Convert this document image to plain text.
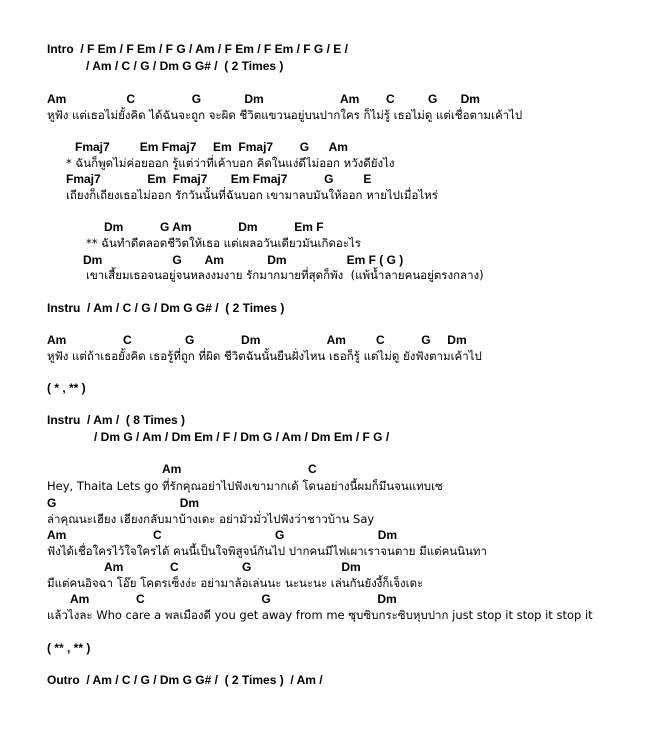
Intro  / F Em / F Em / F G / Am / F Em / F Em / F G / E /
/ Am / C / G / Dm G G# /  ( 2 Times )
Am                  C                 G             Dm                       Am        C          G       Dm
หูฟัง แต่เธอไม่ยั้งคิด ได้ฉันจะถูก จะผิด ชีวิตแขวนอยู่บนปากใคร ก็ไม่รู้ เธอไม่ดู แต่เชื่อตามเค้าไป
Fmaj7         Em Fmaj7     Em  Fmaj7        G      Am
* ฉันก็พูดไม่ค่อยออก รู้แต่ว่าที่เค้าบอก คิดในแง่ดีไม่ออก หวังดียังไง
Fmaj7              Em  Fmaj7       Em Fmaj7           G         E
เถียงก็เถียงเธอไม่ออก รักวันนั้นที่ฉันบอก เขามาลบมันให้ออก หายไปเมื่อไหร่
Dm           G Am              Dm           Em F
** ฉันทำดีตลอดชีวิตให้เธอ แต่เผลอวันเดียวมันเกิดอะไร
Dm                     G       Am             Dm                  Em F ( G )
เขาเสี้ยมเธอจนอยู่จนหลงงมงาย รักมากมายที่สุดก็พัง  (แพ้น้ำลายคนอยู่ตรงกลาง)
Instru  / Am / C / G / Dm G G# /  ( 2 Times )
Am                 C                G              Dm                    Am         C           G     Dm
หูฟัง แต่ถ้าเธอยั้งคิด เธอรู้ที่ถูก ที่ผิด ชีวิตฉันนั้นยืนฝั่งไหน เธอก็รู้ แต่ไม่ดู ยังฟังตามเค้าไป
( * , ** )
Instru  / Am /  ( 8 Times )
/ Dm G / Am / Dm Em / F / Dm G / Am / Dm Em / F G /
Am                                      C
Hey, Thaita Lets go ที่รักคุณอย่าไปฟังเขามากเด้ โดนอย่างนี้ผมก็มึนจนแทบเซ
G                                     Dm
ล่าคุณนะเฮียง เฮียงกลับมาบ้างเดะ อย่ามัวมั่วไปฟังว่าชาวบ้าน Say
Am                          C                                  G                            Dm
ฟังได้เชื่อใครไว้ใจใครได้ คนนี้เป็นใจพิสูจน์กันไป ปากคนมีไฟเผาเราจนตาย มีแต่คนนินทา
Am              C                   G                           Dm
มีแต่คนอิจฉา โอ๊ย โคตรเซ็งง่ะ อย่ามาล้อเล่นนะ นะนะนะ เล่นกันยังงี้ก็เจ็งเดะ
Am              C                                   G                                Dm
แล้วไงละ Who care a พลเมืองดี you get away from me ซุบซิบกระซิบหุบปาก just stop it stop it stop it
( ** , ** )
Outro  / Am / C / G / Dm G G# /  ( 2 Times )  / Am /
